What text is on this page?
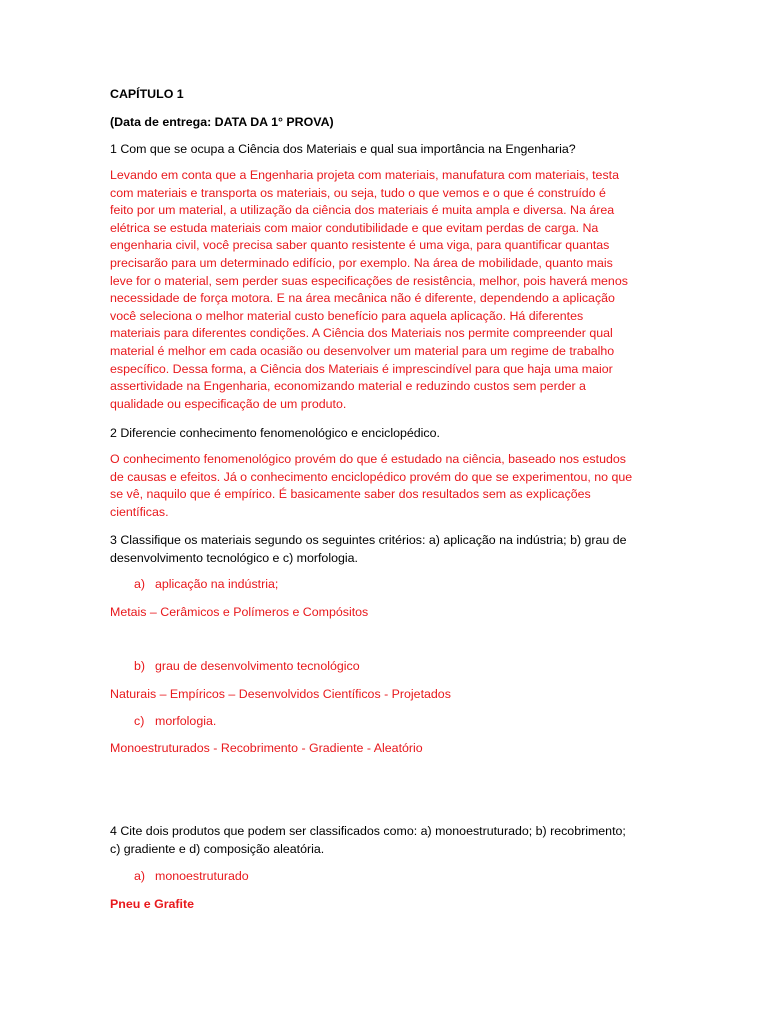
CAPÍTULO 1
(Data de entrega: DATA DA 1° PROVA)
1 Com que se ocupa a Ciência dos Materiais e qual sua importância na Engenharia?
Levando em conta que a Engenharia projeta com materiais, manufatura com materiais, testa
com materiais e transporta os materiais, ou seja, tudo o que vemos e o que é construído é
feito por um material, a utilização da ciência dos materiais é muita ampla e diversa. Na área
elétrica se estuda materiais com maior condutibilidade e que evitam perdas de carga. Na
engenharia civil, você precisa saber quanto resistente é uma viga, para quantificar quantas
precisarão para um determinado edifício, por exemplo. Na área de mobilidade, quanto mais
leve for o material, sem perder suas especificações de resistência, melhor, pois haverá menos
necessidade de força motora. E na área mecânica não é diferente, dependendo a aplicação
você seleciona o melhor material custo benefício para aquela aplicação. Há diferentes
materiais para diferentes condições. A Ciência dos Materiais nos permite compreender qual
material é melhor em cada ocasião ou desenvolver um material para um regime de trabalho
específico. Dessa forma, a Ciência dos Materiais é imprescindível para que haja uma maior
assertividade na Engenharia, economizando material e reduzindo custos sem perder a
qualidade ou especificação de um produto.
2 Diferencie conhecimento fenomenológico e enciclopédico.
O conhecimento fenomenológico provém do que é estudado na ciência, baseado nos estudos
de causas e efeitos. Já o conhecimento enciclopédico provém do que se experimentou, no que
se vê, naquilo que é empírico. É basicamente saber dos resultados sem as explicações
científicas.
3 Classifique os materiais segundo os seguintes critérios: a) aplicação na indústria; b) grau de
desenvolvimento tecnológico e c) morfologia.
a) aplicação na indústria;
Metais – Cerâmicos e Polímeros e Compósitos
b) grau de desenvolvimento tecnológico
Naturais – Empíricos – Desenvolvidos Científicos - Projetados
c) morfologia.
Monoestruturados - Recobrimento - Gradiente - Aleatório
4 Cite dois produtos que podem ser classificados como: a) monoestruturado; b) recobrimento;
c) gradiente e d) composição aleatória.
a) monoestruturado
Pneu e Grafite
